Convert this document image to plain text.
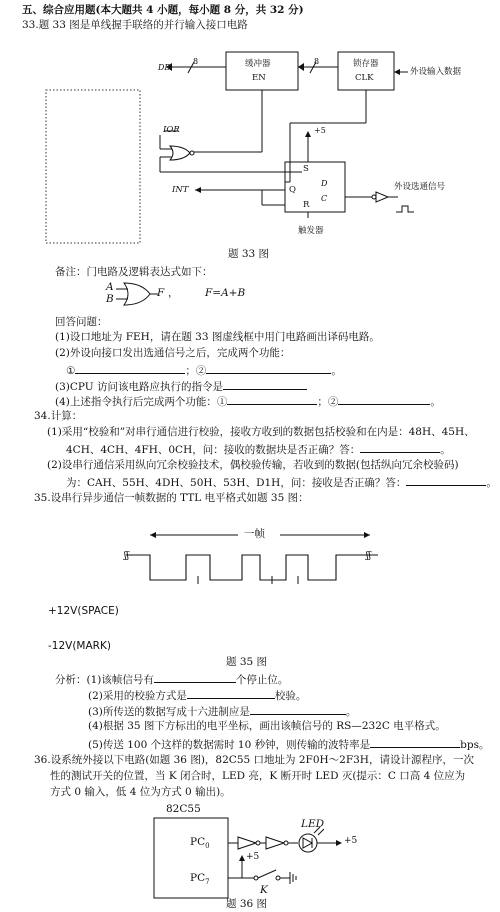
五、综合应用题(本大题共 4 小题，每小题 8 分，共 32 分)
33.题 33 图是单线握手联络的并行输入接口电路
DB
8	8
缓冲器
EN
锁存器
CLK
外设输入数据
IOR	+5
S
Q
D
C
R
INT	外设选通信号
触发器
题 33 图
备注：门电路及逻辑表达式如下：
A
B	F ，	F=A+B
回答问题：
(1)设口地址为 FEH，请在题 33 图虚线框中用门电路画出译码电路。
(2)外设向接口发出选通信号之后，完成两个功能：
①	；②	。
(3)CPU 访问该电路应执行的指令是
(4)上述指令执行后完成两个功能：①	；②	。
34.计算：
(1)采用“校验和”对串行通信进行校验，接收方收到的数据包括校验和在内是：48H、45H、
4CH、4CH、4FH、0CH，问：接收的数据块是否正确？答：	。
(2)设串行通信采用纵向冗余校验技术，偶校验传输，若收到的数据(包括纵向冗余校验码)
为：CAH、55H、4DH、50H、53H、D1H，问：接收是否正确？答：	。
35.设串行异步通信一帧数据的 TTL 电平格式如题 35 图：
ʃʃ	ʃʃ
一帧
+12V(SPACE)
-12V(MARK)
题 35 图
分析：(1)该帧信号有	个停止位。
(2)采用的校验方式是	校验。
(3)所传送的数据写成十六进制应是	。
(4)根据 35 图下方标出的电平坐标，画出该帧信号的 RS—232C 电平格式。
(5)传送 100 个这样的数据需时 10 秒钟，则传输的波特率是	bps。
36.设系统外接以下电路(如题 36 图)，82C55 口地址为 2F0H～2F3H，请设计源程序，一次
性的测试开关的位置，当 K 闭合时，LED 亮，K 断开时 LED 灭(提示：C 口高 4 位应为
方式 0 输入，低 4 位为方式 0 输出)。
82C55
$PC_0$
$PC_7$
LED
+5
+5
K
题 36 图
